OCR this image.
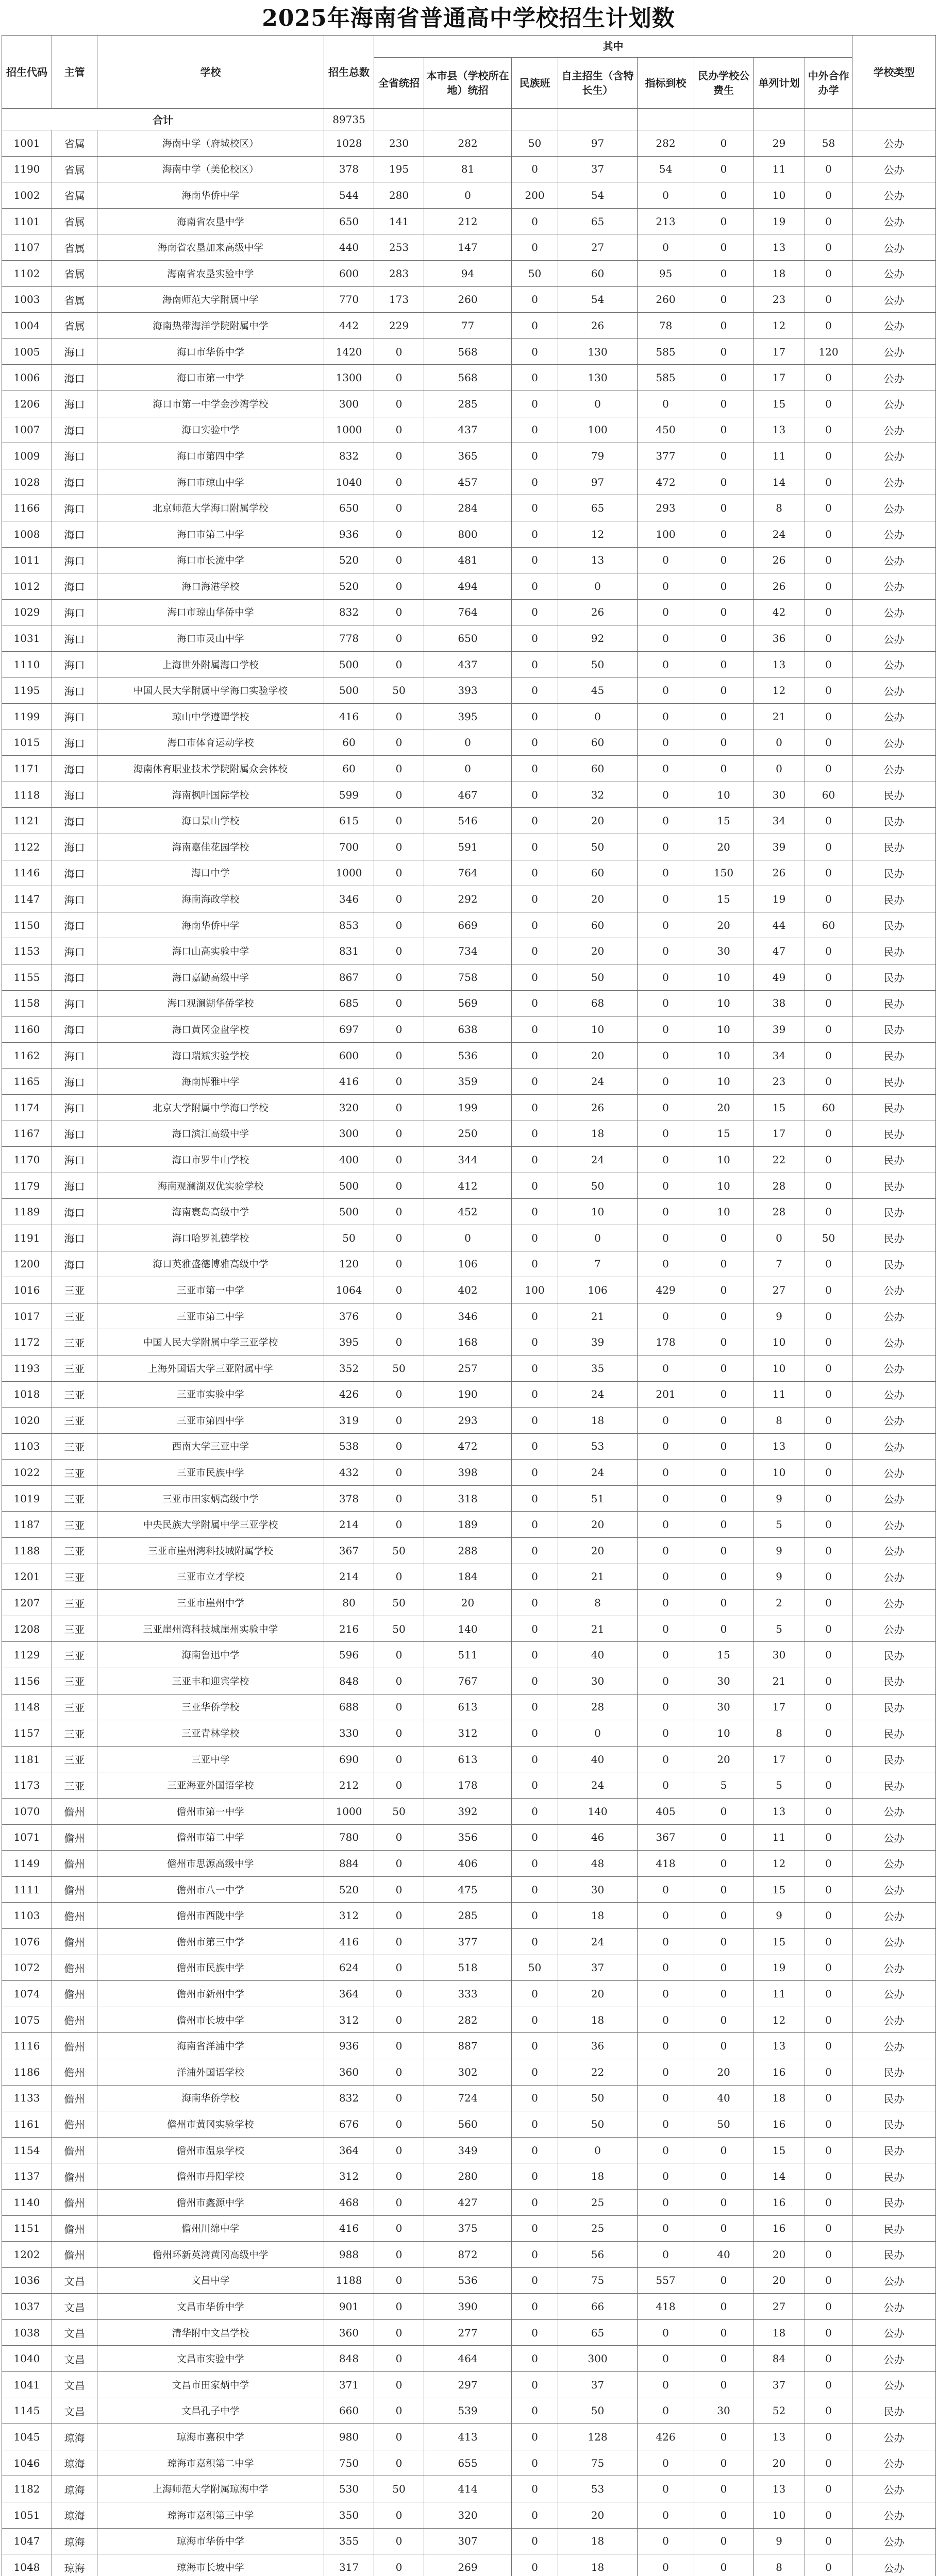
2025年海南省普通高中学校招生计划数
招生代码	主管	学校	招生总数	其中								学校类型
				全省统招	本市县（学校所在地）统招	民族班	自主招生（含特长生）	指标到校	民办学校公费生	单列计划	中外合作办学	
合计			89735									
1001	省属	海南中学（府城校区）	1028	230	282	50	97	282	0	29	58	公办
1190	省属	海南中学（美伦校区）	378	195	81	0	37	54	0	11	0	公办
1002	省属	海南华侨中学	544	280	0	200	54	0	0	10	0	公办
1101	省属	海南省农垦中学	650	141	212	0	65	213	0	19	0	公办
1107	省属	海南省农垦加来高级中学	440	253	147	0	27	0	0	13	0	公办
1102	省属	海南省农垦实验中学	600	283	94	50	60	95	0	18	0	公办
1003	省属	海南师范大学附属中学	770	173	260	0	54	260	0	23	0	公办
1004	省属	海南热带海洋学院附属中学	442	229	77	0	26	78	0	12	0	公办
1005	海口	海口市华侨中学	1420	0	568	0	130	585	0	17	120	公办
1006	海口	海口市第一中学	1300	0	568	0	130	585	0	17	0	公办
1206	海口	海口市第一中学金沙湾学校	300	0	285	0	0	0	0	15	0	公办
1007	海口	海口实验中学	1000	0	437	0	100	450	0	13	0	公办
1009	海口	海口市第四中学	832	0	365	0	79	377	0	11	0	公办
1028	海口	海口市琼山中学	1040	0	457	0	97	472	0	14	0	公办
1166	海口	北京师范大学海口附属学校	650	0	284	0	65	293	0	8	0	公办
1008	海口	海口市第二中学	936	0	800	0	12	100	0	24	0	公办
1011	海口	海口市长流中学	520	0	481	0	13	0	0	26	0	公办
1012	海口	海口海港学校	520	0	494	0	0	0	0	26	0	公办
1029	海口	海口市琼山华侨中学	832	0	764	0	26	0	0	42	0	公办
1031	海口	海口市灵山中学	778	0	650	0	92	0	0	36	0	公办
1110	海口	上海世外附属海口学校	500	0	437	0	50	0	0	13	0	公办
1195	海口	中国人民大学附属中学海口实验学校	500	50	393	0	45	0	0	12	0	公办
1199	海口	琼山中学遵谭学校	416	0	395	0	0	0	0	21	0	公办
1015	海口	海口市体育运动学校	60	0	0	0	60	0	0	0	0	公办
1171	海口	海南体育职业技术学院附属众会体校	60	0	0	0	60	0	0	0	0	公办
1118	海口	海南枫叶国际学校	599	0	467	0	32	0	10	30	60	民办
1121	海口	海口景山学校	615	0	546	0	20	0	15	34	0	民办
1122	海口	海南嘉佳花园学校	700	0	591	0	50	0	20	39	0	民办
1146	海口	海口中学	1000	0	764	0	60	0	150	26	0	民办
1147	海口	海南海政学校	346	0	292	0	20	0	15	19	0	民办
1150	海口	海南华侨中学	853	0	669	0	60	0	20	44	60	民办
1153	海口	海口山高实验中学	831	0	734	0	20	0	30	47	0	民办
1155	海口	海口嘉勤高级中学	867	0	758	0	50	0	10	49	0	民办
1158	海口	海口观澜湖华侨学校	685	0	569	0	68	0	10	38	0	民办
1160	海口	海口黄冈金盘学校	697	0	638	0	10	0	10	39	0	民办
1162	海口	海口瑞斌实验学校	600	0	536	0	20	0	10	34	0	民办
1165	海口	海南博雅中学	416	0	359	0	24	0	10	23	0	民办
1174	海口	北京大学附属中学海口学校	320	0	199	0	26	0	20	15	60	民办
1167	海口	海口滨江高级中学	300	0	250	0	18	0	15	17	0	民办
1170	海口	海口市罗牛山学校	400	0	344	0	24	0	10	22	0	民办
1179	海口	海南观澜湖双优实验学校	500	0	412	0	50	0	10	28	0	民办
1189	海口	海南寰岛高级中学	500	0	452	0	10	0	10	28	0	民办
1191	海口	海口哈罗礼德学校	50	0	0	0	0	0	0	0	50	民办
1200	海口	海口英雅盛德博雅高级中学	120	0	106	0	7	0	0	7	0	民办
1016	三亚	三亚市第一中学	1064	0	402	100	106	429	0	27	0	公办
1017	三亚	三亚市第二中学	376	0	346	0	21	0	0	9	0	公办
1172	三亚	中国人民大学附属中学三亚学校	395	0	168	0	39	178	0	10	0	公办
1193	三亚	上海外国语大学三亚附属中学	352	50	257	0	35	0	0	10	0	公办
1018	三亚	三亚市实验中学	426	0	190	0	24	201	0	11	0	公办
1020	三亚	三亚市第四中学	319	0	293	0	18	0	0	8	0	公办
1103	三亚	西南大学三亚中学	538	0	472	0	53	0	0	13	0	公办
1022	三亚	三亚市民族中学	432	0	398	0	24	0	0	10	0	公办
1019	三亚	三亚市田家炳高级中学	378	0	318	0	51	0	0	9	0	公办
1187	三亚	中央民族大学附属中学三亚学校	214	0	189	0	20	0	0	5	0	公办
1188	三亚	三亚市崖州湾科技城附属学校	367	50	288	0	20	0	0	9	0	公办
1201	三亚	三亚市立才学校	214	0	184	0	21	0	0	9	0	公办
1207	三亚	三亚市崖州中学	80	50	20	0	8	0	0	2	0	公办
1208	三亚	三亚崖州湾科技城崖州实验中学	216	50	140	0	21	0	0	5	0	公办
1129	三亚	海南鲁迅中学	596	0	511	0	40	0	15	30	0	民办
1156	三亚	三亚丰和迎宾学校	848	0	767	0	30	0	30	21	0	民办
1148	三亚	三亚华侨学校	688	0	613	0	28	0	30	17	0	民办
1157	三亚	三亚青林学校	330	0	312	0	0	0	10	8	0	民办
1181	三亚	三亚中学	690	0	613	0	40	0	20	17	0	民办
1173	三亚	三亚海亚外国语学校	212	0	178	0	24	0	5	5	0	民办
1070	儋州	儋州市第一中学	1000	50	392	0	140	405	0	13	0	公办
1071	儋州	儋州市第二中学	780	0	356	0	46	367	0	11	0	公办
1149	儋州	儋州市思源高级中学	884	0	406	0	48	418	0	12	0	公办
1111	儋州	儋州市八一中学	520	0	475	0	30	0	0	15	0	公办
1103	儋州	儋州市西陇中学	312	0	285	0	18	0	0	9	0	公办
1076	儋州	儋州市第三中学	416	0	377	0	24	0	0	15	0	公办
1072	儋州	儋州市民族中学	624	0	518	50	37	0	0	19	0	公办
1074	儋州	儋州市新州中学	364	0	333	0	20	0	0	11	0	公办
1075	儋州	儋州市长坡中学	312	0	282	0	18	0	0	12	0	公办
1116	儋州	海南省洋浦中学	936	0	887	0	36	0	0	13	0	公办
1186	儋州	洋浦外国语学校	360	0	302	0	22	0	20	16	0	民办
1133	儋州	海南华侨学校	832	0	724	0	50	0	40	18	0	民办
1161	儋州	儋州市黄冈实验学校	676	0	560	0	50	0	50	16	0	民办
1154	儋州	儋州市温泉学校	364	0	349	0	0	0	0	15	0	民办
1137	儋州	儋州市丹阳学校	312	0	280	0	18	0	0	14	0	民办
1140	儋州	儋州市鑫源中学	468	0	427	0	25	0	0	16	0	民办
1151	儋州	儋州川绵中学	416	0	375	0	25	0	0	16	0	民办
1202	儋州	儋州环新英湾黄冈高级中学	988	0	872	0	56	0	40	20	0	民办
1036	文昌	文昌中学	1188	0	536	0	75	557	0	20	0	公办
1037	文昌	文昌市华侨中学	901	0	390	0	66	418	0	27	0	公办
1038	文昌	清华附中文昌学校	360	0	277	0	65	0	0	18	0	公办
1040	文昌	文昌市实验中学	848	0	464	0	300	0	0	84	0	公办
1041	文昌	文昌市田家炳中学	371	0	297	0	37	0	0	37	0	公办
1145	文昌	文昌孔子中学	660	0	539	0	50	0	30	52	0	民办
1045	琼海	琼海市嘉积中学	980	0	413	0	128	426	0	13	0	公办
1046	琼海	琼海市嘉积第二中学	750	0	655	0	75	0	0	20	0	公办
1182	琼海	上海师范大学附属琼海中学	530	50	414	0	53	0	0	13	0	公办
1051	琼海	琼海市嘉积第三中学	350	0	320	0	20	0	0	10	0	公办
1047	琼海	琼海市华侨中学	355	0	307	0	18	0	0	9	0	公办
1048	琼海	琼海市长坡中学	317	0	269	0	18	0	0	8	0	公办
